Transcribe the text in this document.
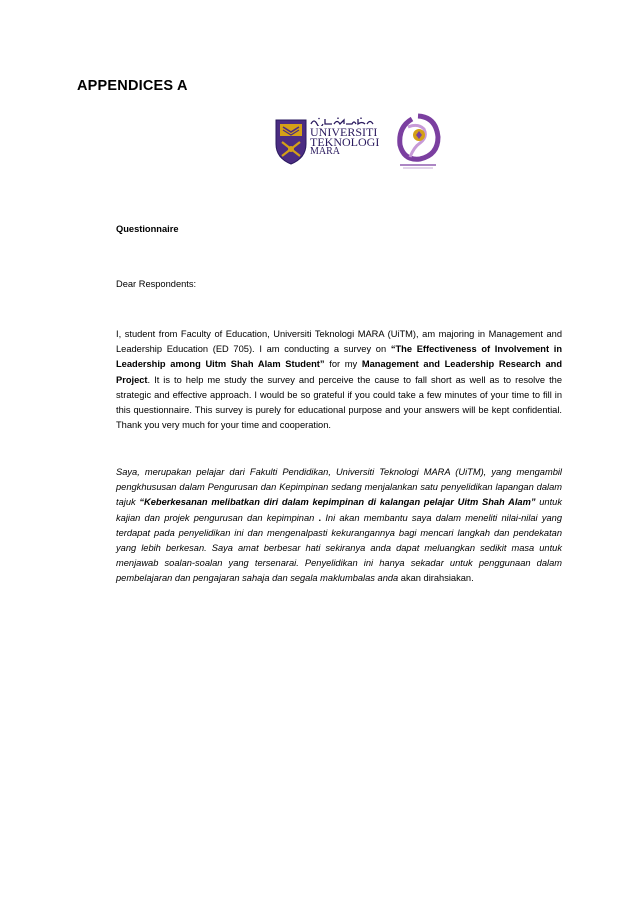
APPENDICES A
UNIVERSITI
TEKNOLOGI
MARA

Questionnaire

Dear Respondents:

I, student from Faculty of Education, Universiti Teknologi MARA (UiTM), am majoring in Management and Leadership Education (ED 705). I am conducting a survey on “The Effectiveness of Involvement in Leadership among Uitm Shah Alam Student” for my Management and Leadership Research and Project. It is to help me study the survey and perceive the cause to fall short as well as to resolve the strategic and effective approach. I would be so grateful if you could take a few minutes of your time to fill in this questionnaire. This survey is purely for educational purpose and your answers will be kept confidential. Thank you very much for your time and cooperation.

Saya, merupakan pelajar dari Fakulti Pendidikan, Universiti Teknologi MARA (UiTM), yang mengambil pengkhususan dalam Pengurusan dan Kepimpinan sedang menjalankan satu penyelidikan lapangan dalam tajuk “Keberkesanan melibatkan diri dalam kepimpinan di kalangan pelajar Uitm Shah Alam” untuk kajian dan projek pengurusan dan kepimpinan . Ini akan membantu saya dalam meneliti nilai-nilai yang terdapat pada penyelidikan ini dan mengenalpasti kekurangannya bagi mencari langkah dan pendekatan yang lebih berkesan. Saya amat berbesar hati sekiranya anda dapat meluangkan sedikit masa untuk menjawab soalan-soalan yang tersenarai. Penyelidikan ini hanya sekadar untuk penggunaan dalam pembelajaran dan pengajaran sahaja dan segala maklumbalas anda akan dirahsiakan.
